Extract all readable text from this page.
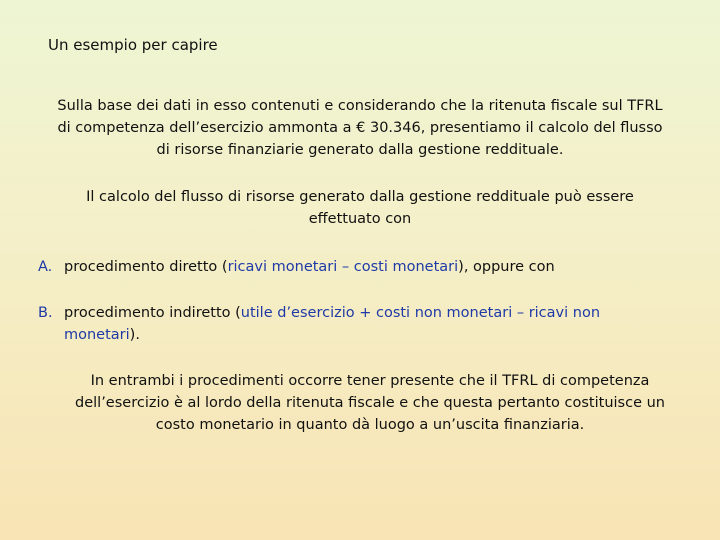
Un esempio per capire
Sulla base dei dati in esso contenuti e considerando che la ritenuta fiscale sul TFRL
di competenza dell’esercizio ammonta a € 30.346, presentiamo il calcolo del flusso
di risorse finanziarie generato dalla gestione reddituale.
Il calcolo del flusso di risorse generato dalla gestione reddituale può essere
effettuato con
A. procedimento diretto (ricavi monetari – costi monetari), oppure con
B. procedimento indiretto (utile d’esercizio + costi non monetari – ricavi non
monetari).
In entrambi i procedimenti occorre tener presente che il TFRL di competenza
dell’esercizio è al lordo della ritenuta fiscale e che questa pertanto costituisce un
costo monetario in quanto dà luogo a un’uscita finanziaria.
